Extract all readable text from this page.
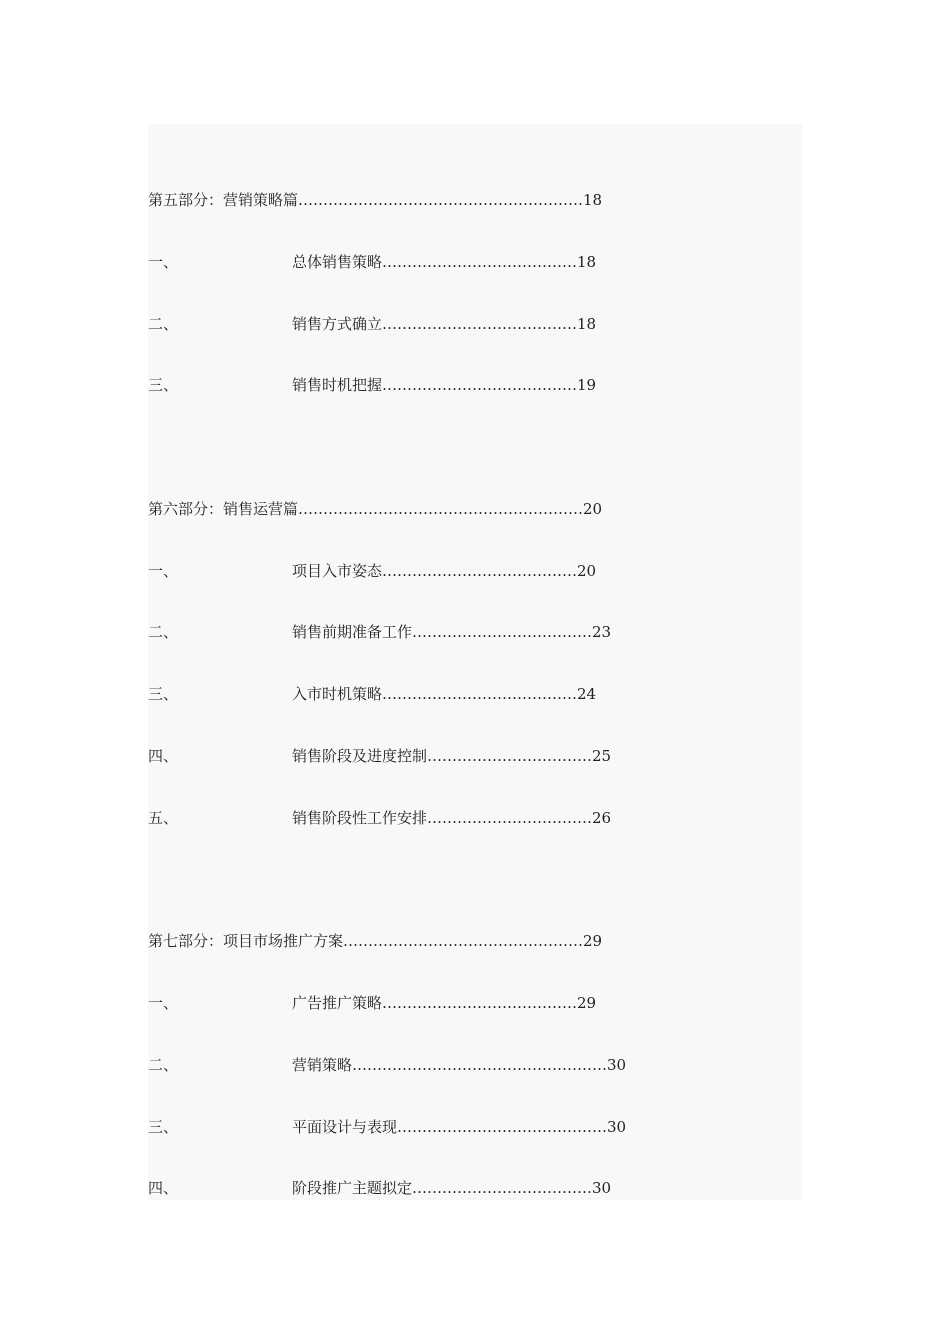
第五部分：营销策略篇…………………………………………………18
一、	总体销售策略…………………………………18
二、	销售方式确立…………………………………18
三、	销售时机把握…………………………………19
第六部分：销售运营篇…………………………………………………20
一、	项目入市姿态…………………………………20
二、	销售前期准备工作………………………………23
三、	入市时机策略…………………………………24
四、	销售阶段及进度控制……………………………25
五、	销售阶段性工作安排……………………………26
第七部分：项目市场推广方案…………………………………………29
一、	广告推广策略…………………………………29
二、	营销策略……………………………………………30
三、	平面设计与表现……………………………………30
四、	阶段推广主题拟定………………………………30
